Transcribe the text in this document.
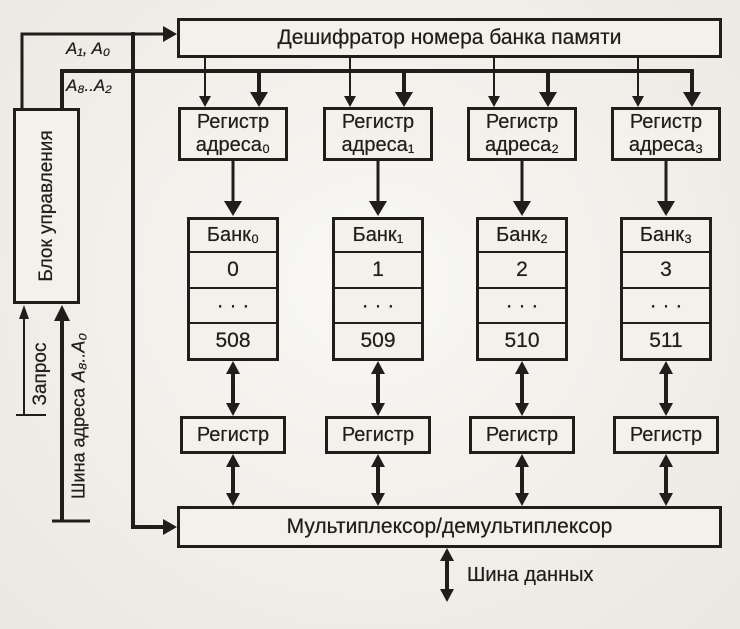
Дешифратор номера банка памяти
Блок управления
A₁, A₀
A₈..A₂
Регистр
адреса₀
Регистр
адреса₁
Регистр
адреса₂
Регистр
адреса₃
Банк₀
0
· · ·
508
Банк₁
1
· · ·
509
Банк₂
2
· · ·
510
Банк₃
3
· · ·
511
Регистр	Регистр	Регистр	Регистр
Мультиплексор/демультиплексор
Шина данных
Запрос
Шина адресаA₈..A₀
